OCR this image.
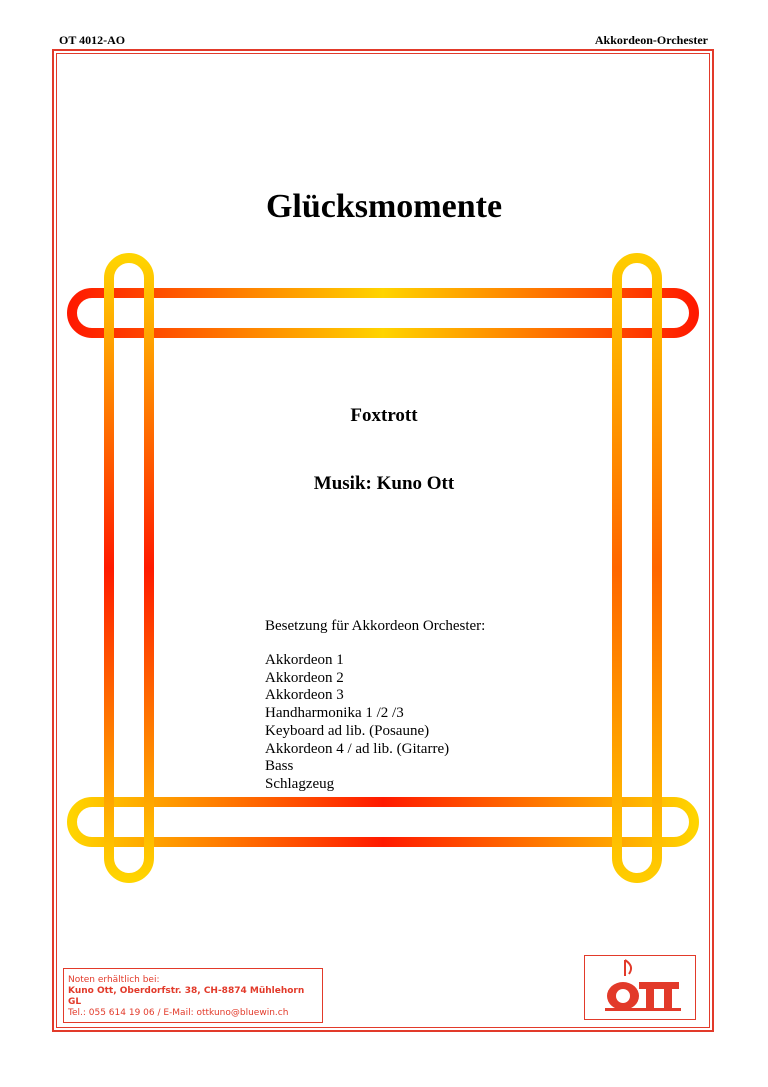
OT 4012-AO	Akkordeon-Orchester
Glücksmomente
Foxtrott
Musik: Kuno Ott
Besetzung für Akkordeon Orchester:
Akkordeon 1
Akkordeon 2
Akkordeon 3
Handharmonika 1 /2 /3
Keyboard ad lib. (Posaune)
Akkordeon 4 / ad lib. (Gitarre)
Bass
Schlagzeug
Noten erhältlich bei:
Kuno Ott, Oberdorfstr. 38, CH-8874 Mühlehorn GL
Tel.: 055 614 19 06 / E-Mail: ottkuno@bluewin.ch
